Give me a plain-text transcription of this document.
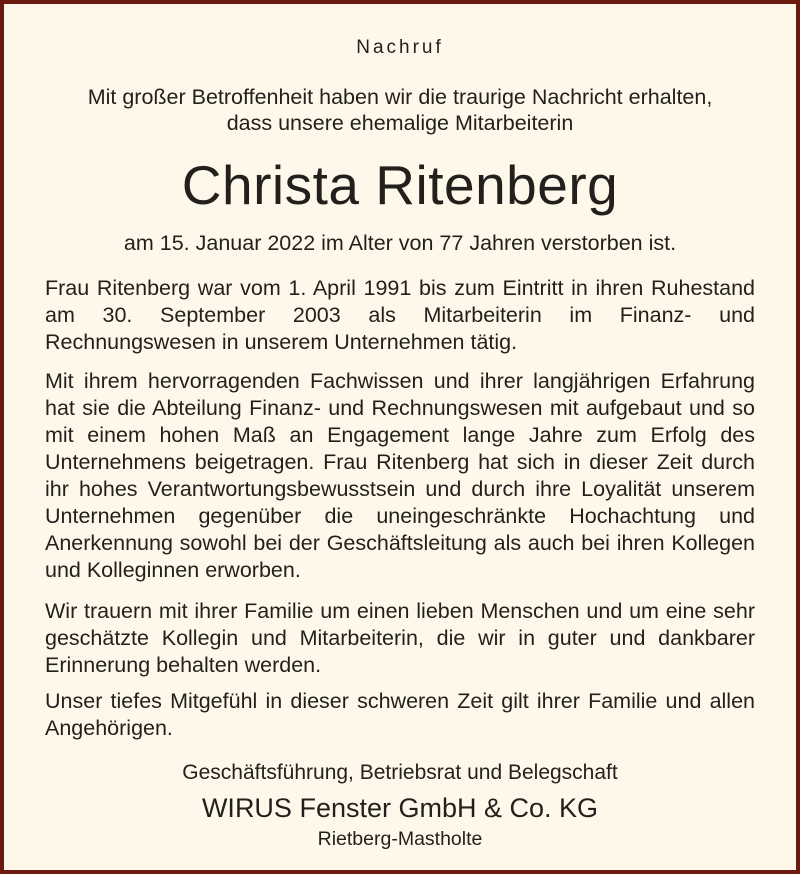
Nachruf
Mit großer Betroffenheit haben wir die traurige Nachricht erhalten,
dass unsere ehemalige Mitarbeiterin
Christa Ritenberg
am 15. Januar 2022 im Alter von 77 Jahren verstorben ist.

Frau Ritenberg war vom 1. April 1991 bis zum Eintritt in ihren Ruhestand am 30. September 2003 als Mitarbeiterin im Finanz- und Rechnungswesen in unserem Unternehmen tätig.

Mit ihrem hervorragenden Fachwissen und ihrer langjährigen Erfahrung hat sie die Abteilung Finanz- und Rechnungswesen mit aufgebaut und so mit einem hohen Maß an Engagement lange Jahre zum Erfolg des Unternehmens beigetragen. Frau Ritenberg hat sich in dieser Zeit durch ihr hohes Verantwortungsbewusstsein und durch ihre Loyalität unserem Unternehmen gegenüber die uneingeschränkte Hochachtung und Anerkennung sowohl bei der Geschäftsleitung als auch bei ihren Kollegen und Kolleginnen erworben.

Wir trauern mit ihrer Familie um einen lieben Menschen und um eine sehr geschätzte Kollegin und Mitarbeiterin, die wir in guter und dankbarer Erinnerung behalten werden.

Unser tiefes Mitgefühl in dieser schweren Zeit gilt ihrer Familie und allen Angehörigen.

Geschäftsführung, Betriebsrat und Belegschaft
WIRUS Fenster GmbH & Co. KG
Rietberg-Mastholte
